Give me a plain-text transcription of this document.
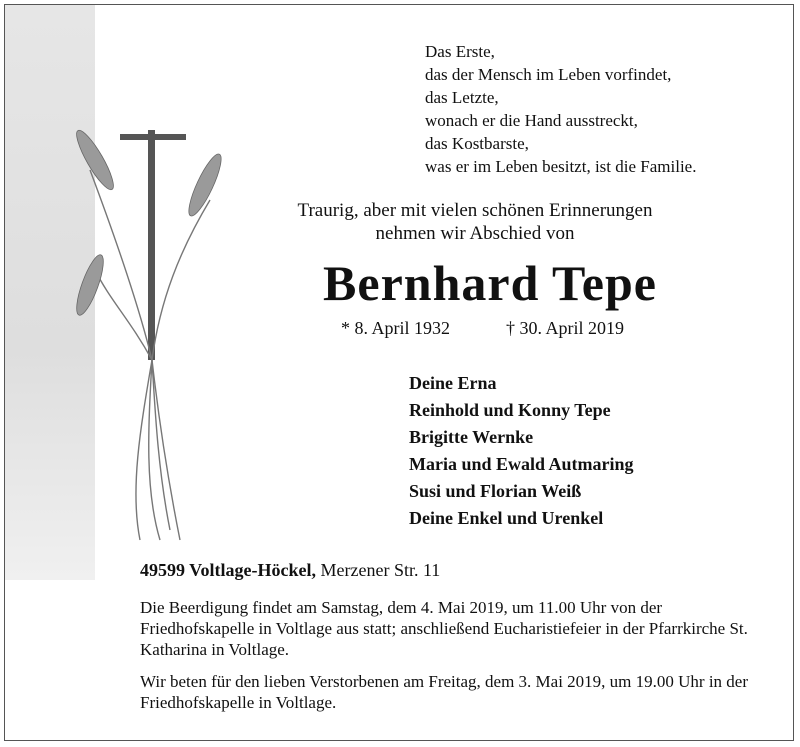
Das Erste,
das der Mensch im Leben vorfindet,
das Letzte,
wonach er die Hand ausstreckt,
das Kostbarste,
was er im Leben besitzt, ist die Familie.
Traurig, aber mit vielen schönen Erinnerungen
nehmen wir Abschied von
Bernhard Tepe
* 8. April 1932	† 30. April 2019
Deine Erna
Reinhold und Konny Tepe
Brigitte Wernke
Maria und Ewald Autmaring
Susi und Florian Weiß
Deine Enkel und Urenkel
49599 Voltlage-Höckel, Merzener Str. 11
Die Beerdigung findet am Samstag, dem 4. Mai 2019, um 11.00 Uhr von der Friedhofskapelle in Voltlage aus statt; anschließend Eucharistiefeier in der Pfarrkirche St. Katharina in Voltlage.
Wir beten für den lieben Verstorbenen am Freitag, dem 3. Mai 2019, um 19.00 Uhr in der Friedhofskapelle in Voltlage.
